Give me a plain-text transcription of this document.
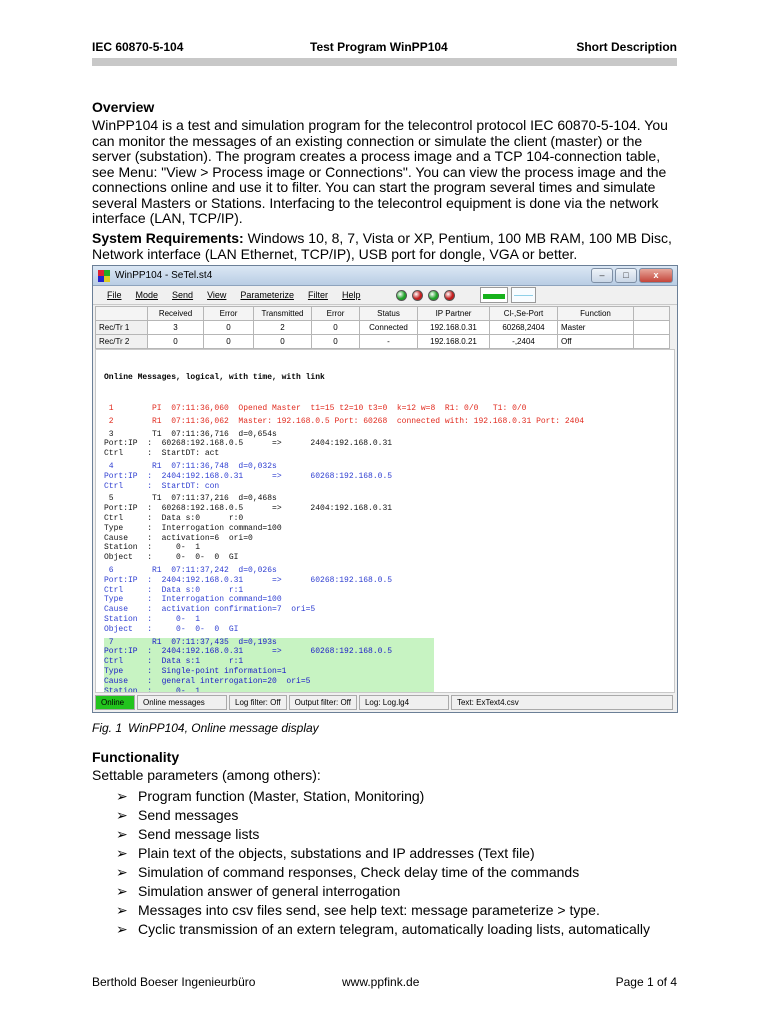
IEC 60870-5-104	Test Program WinPP104	Short Description
Overview
WinPP104 is a test and simulation program for the telecontrol protocol IEC 60870-5-104. You can monitor the messages of an existing connection or simulate the client (master) or the server (substation). The program creates a process image and a TCP 104-connection table, see Menu: "View > Process image or Connections". You can view the process image and the connections online and use it to filter. You can start the program several times and simulate several Masters or Stations. Interfacing to the telecontrol equipment is done via the network interface (LAN, TCP/IP).
System Requirements: Windows 10, 8, 7, Vista or XP, Pentium, 100 MB RAM, 100 MB Disc, Network interface (LAN Ethernet, TCP/IP), USB port for dongle, VGA or better.
WinPP104 - SeTel.st4	–	□	x
File Mode Send View Parameterize Filter Help
	Received	Error	Transmitted	Error	Status	IP Partner	Cl-,Se-Port	Function	
Rec/Tr 1	3	0	2	0	Connected	192.168.0.31	60268,2404	Master	
Rec/Tr 2	0	0	0	0	-	192.168.0.21	-,2404	Off	

Online Messages, logical, with time, with link

1        PI  07:11:36,060  Opened Master  t1=15 t2=10 t3=0  k=12 w=8  R1: 0/0   T1: 0/0
2        R1  07:11:36,062  Master: 192.168.0.5 Port: 60268  connected with: 192.168.0.31 Port: 2404
3        T1  07:11:36,716  d=0,654s
Port:IP  :  60268:192.168.0.5      =>      2404:192.168.0.31
Ctrl     :  StartDT: act
4        R1  07:11:36,748  d=0,032s
Port:IP  :  2404:192.168.0.31      =>      60268:192.168.0.5
Ctrl     :  StartDT: con
5        T1  07:11:37,216  d=0,468s
Port:IP  :  60268:192.168.0.5      =>      2404:192.168.0.31
Ctrl     :  Data s:0      r:0
Type     :  Interrogation command=100
Cause    :  activation=6  ori=0
Station  :     0-  1
Object   :     0-  0-  0  GI
6        R1  07:11:37,242  d=0,026s
Port:IP  :  2404:192.168.0.31      =>      60268:192.168.0.5
Ctrl     :  Data s:0      r:1
Type     :  Interrogation command=100
Cause    :  activation confirmation=7  ori=5
Station  :     0-  1
Object   :     0-  0-  0  GI
7        R1  07:11:37,435  d=0,193s
Port:IP  :  2404:192.168.0.31      =>      60268:192.168.0.5
Ctrl     :  Data s:1      r:1
Type     :  Single-point information=1
Cause    :  general interrogation=20  ori=5
Station  :     0-  1

Online	Online messages	Log filter: Off	Output filter: Off	Log: Log.lg4	Text: ExText4.csv
Fig. 1 WinPP104, Online message display
Functionality
Settable parameters (among others):
➢ Program function (Master, Station, Monitoring)
➢ Send messages
➢ Send message lists
➢ Plain text of the objects, substations and IP addresses (Text file)
➢ Simulation of command responses, Check delay time of the commands
➢ Simulation answer of general interrogation
➢ Messages into csv files send, see help text: message parameterize > type.
➢ Cyclic transmission of an extern telegram, automatically loading lists, automatically
Berthold Boeser Ingenieurbüro	www.ppfink.de	Page 1 of 4
